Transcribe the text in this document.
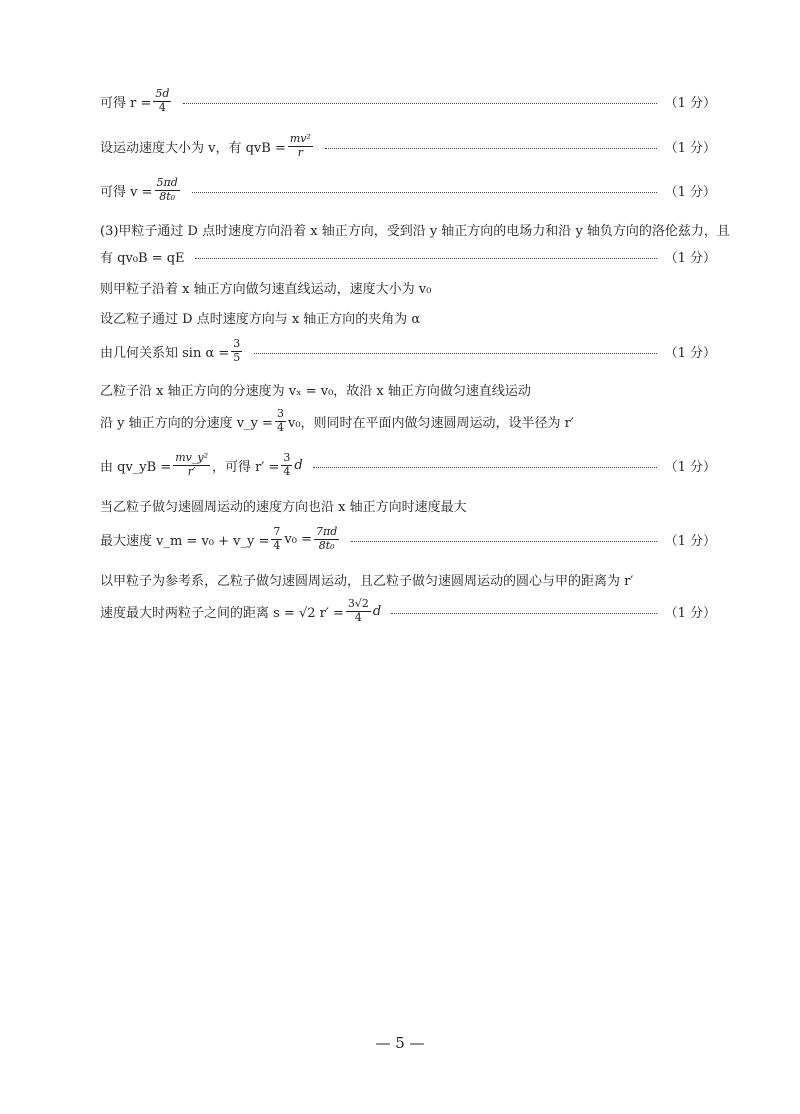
可得 $r = \frac{5d}{4}$	（1 分）
设运动速度大小为 v，有 qvB = $\frac{\text{mv²}}{r}$	（1 分）
可得 $v = \frac{5\pi d}{\text{8t₀}}$	（1 分）
(3)甲粒子通过 D 点时速度方向沿着 x 轴正方向，受到沿 y 轴正方向的电场力和沿 y 轴负方向的洛伦兹力，且
有 qv₀B = qE	（1 分）
则甲粒子沿着 x 轴正方向做匀速直线运动，速度大小为 v₀
设乙粒子通过 D 点时速度方向与 x 轴正方向的夹角为 α
由几何关系知 $\sin \alpha = \frac{3}{5}$	（1 分）
乙粒子沿 x 轴正方向的分速度为 vₓ = v₀，故沿 x 轴正方向做匀速直线运动
沿 y 轴正方向的分速度 v_y = $\frac{3}{4} v_0$，则同时在平面内做匀速圆周运动，设半径为 r′
由 qv_yB = $\frac{\text{mv\_y²}}{r'}$ ，可得 $r' = \frac{3}{4}$ d	（1 分）
当乙粒子做匀速圆周运动的速度方向也沿 x 轴正方向时速度最大
最大速度 v_m = v₀ + v_y = $\frac{7}{4} v_0 = \frac{7\pi d}{\text{8t₀}}$	（1 分）
以甲粒子为参考系，乙粒子做匀速圆周运动，且乙粒子做匀速圆周运动的圆心与甲的距离为 r′
速度最大时两粒子之间的距离 s = √2 $r' = \frac{3√2}{4}$ d	（1 分）
— 5 —
